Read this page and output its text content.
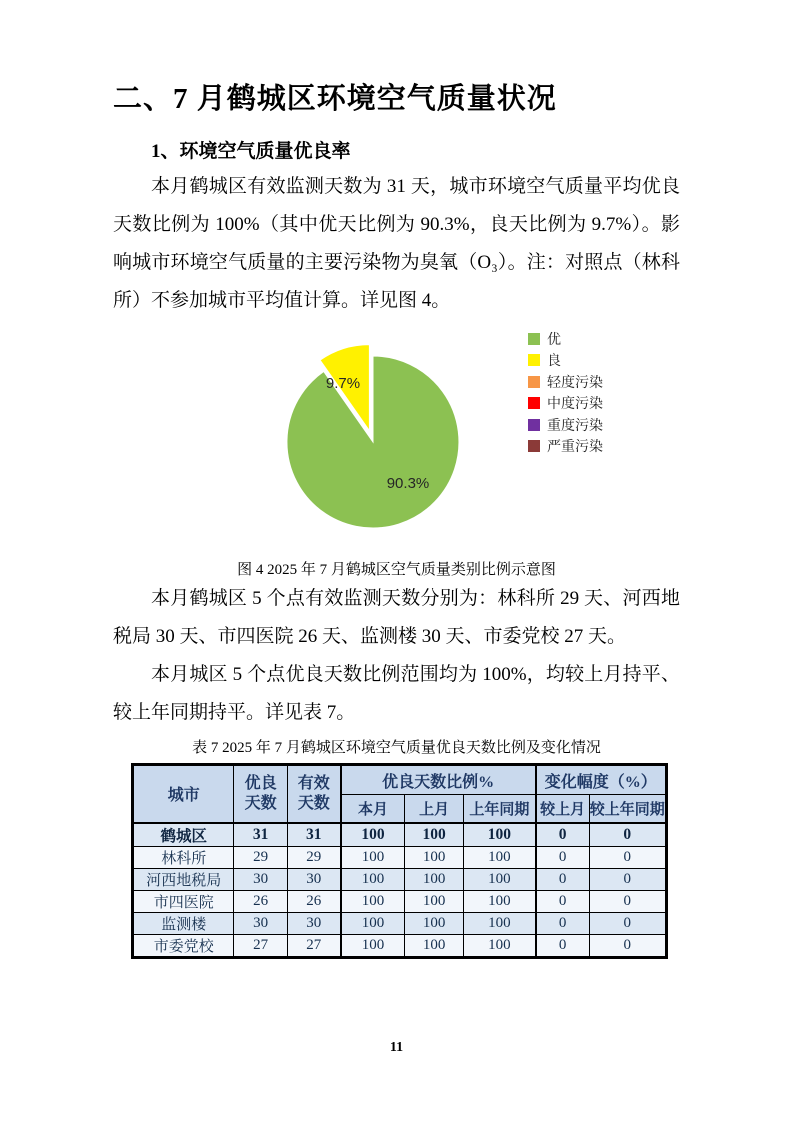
二、7 月鹤城区环境空气质量状况
1、环境空气质量优良率
本月鹤城区有效监测天数为 31 天，城市环境空气质量平均优良天数比例为 100%（其中优天比例为 90.3%，良天比例为 9.7%）。影响城市环境空气质量的主要污染物为臭氧（O₃）。注：对照点（林科所）不参加城市平均值计算。详见图 4。
9.7%
90.3%
优
良
轻度污染
中度污染
重度污染
严重污染
图 4 2025 年 7 月鹤城区空气质量类别比例示意图
本月鹤城区 5 个点有效监测天数分别为：林科所 29 天、河西地税局 30 天、市四医院 26 天、监测楼 30 天、市委党校 27 天。
本月城区 5 个点优良天数比例范围均为 100%，均较上月持平、较上年同期持平。详见表 7。
表 7 2025 年 7 月鹤城区环境空气质量优良天数比例及变化情况
城市	优良天数	有效天数	优良天数比例%			变化幅度（%）	
			本月	上月	上年同期	较上月	较上年同期
鹤城区	31	31	100	100	100	0	0
林科所	29	29	100	100	100	0	0
河西地税局	30	30	100	100	100	0	0
市四医院	26	26	100	100	100	0	0
监测楼	30	30	100	100	100	0	0
市委党校	27	27	100	100	100	0	0
11
